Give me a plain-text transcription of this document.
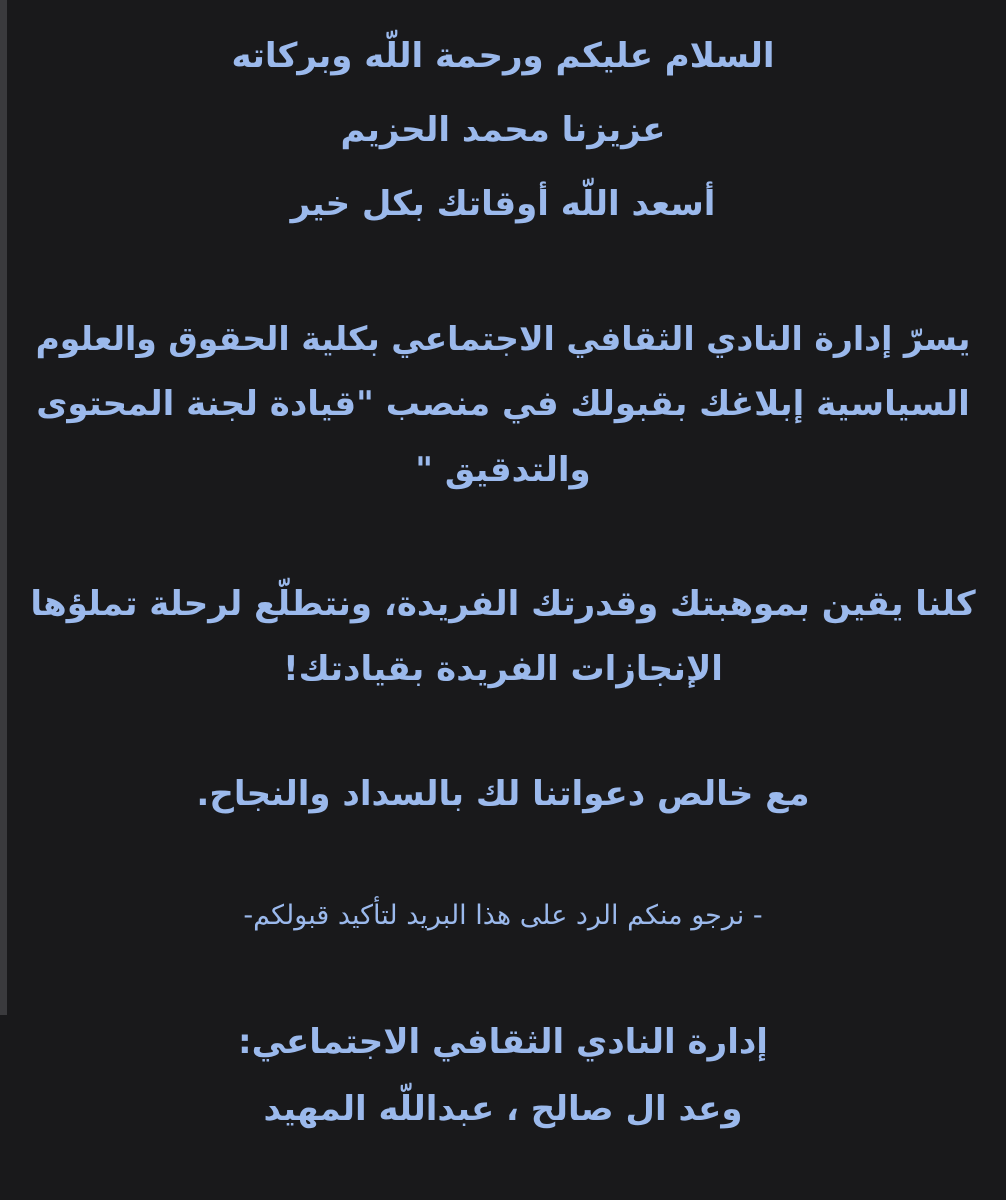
السلام عليكم ورحمة اللّه وبركاته
عزيزنا محمد الحزيم
أسعد اللّه أوقاتك بكل خير
يسرّ إدارة النادي الثقافي الاجتماعي بكلية الحقوق والعلوم
السياسية إبلاغك بقبولك في منصب "قيادة لجنة المحتوى
والتدقيق "
كلنا يقين بموهبتك وقدرتك الفريدة، ونتطلّع لرحلة تملؤها
الإنجازات الفريدة بقيادتك!
مع خالص دعواتنا لك بالسداد والنجاح.
- نرجو منكم الرد على هذا البريد لتأكيد قبولكم-
إدارة النادي الثقافي الاجتماعي:
وعد ال صالح ، عبداللّه المهيد
